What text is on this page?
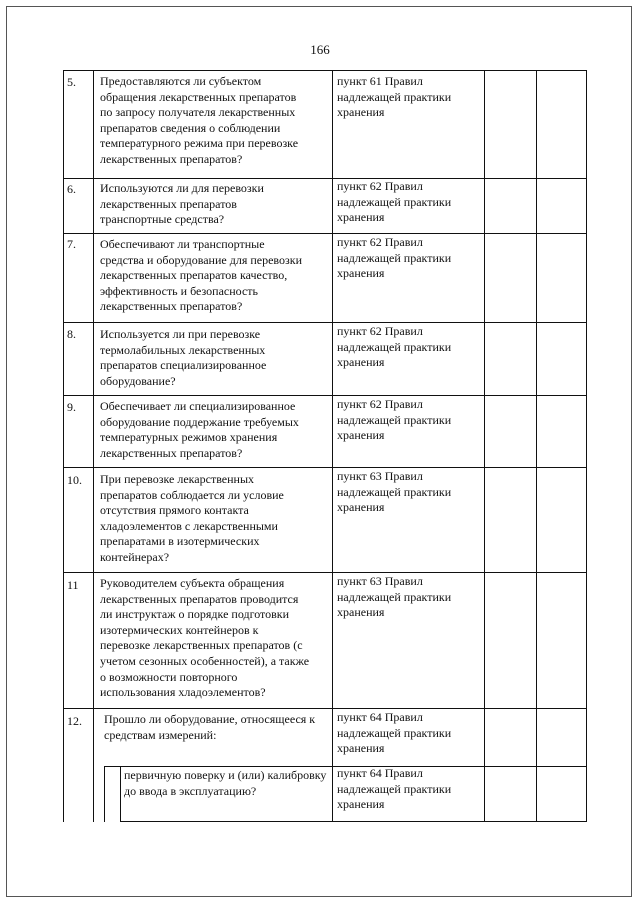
166
5. Предоставляются ли субъектом
обращения лекарственных препаратов
по запросу получателя лекарственных
препаратов сведения о соблюдении
температурного режима при перевозке
лекарственных препаратов?
пункт 61 Правил
надлежащей практики
хранения
6. Используются ли для перевозки
лекарственных препаратов
транспортные средства?
пункт 62 Правил
надлежащей практики
хранения
7. Обеспечивают ли транспортные
средства и оборудование для перевозки
лекарственных препаратов качество,
эффективность и безопасность
лекарственных препаратов?
пункт 62 Правил
надлежащей практики
хранения
8. Используется ли при перевозке
термолабильных лекарственных
препаратов специализированное
оборудование?
пункт 62 Правил
надлежащей практики
хранения
9. Обеспечивает ли специализированное
оборудование поддержание требуемых
температурных режимов хранения
лекарственных препаратов?
пункт 62 Правил
надлежащей практики
хранения
10. При перевозке лекарственных
препаратов соблюдается ли условие
отсутствия прямого контакта
хладоэлементов с лекарственными
препаратами в изотермических
контейнерах?
пункт 63 Правил
надлежащей практики
хранения
11 Руководителем субъекта обращения
лекарственных препаратов проводится
ли инструктаж о порядке подготовки
изотермических контейнеров к
перевозке лекарственных препаратов (с
учетом сезонных особенностей), а также
о возможности повторного
использования хладоэлементов?
пункт 63 Правил
надлежащей практики
хранения
12. Прошло ли оборудование, относящееся к
средствам измерений:
пункт 64 Правил
надлежащей практики
хранения
первичную поверку и (или) калибровку
до ввода в эксплуатацию?
пункт 64 Правил
надлежащей практики
хранения
